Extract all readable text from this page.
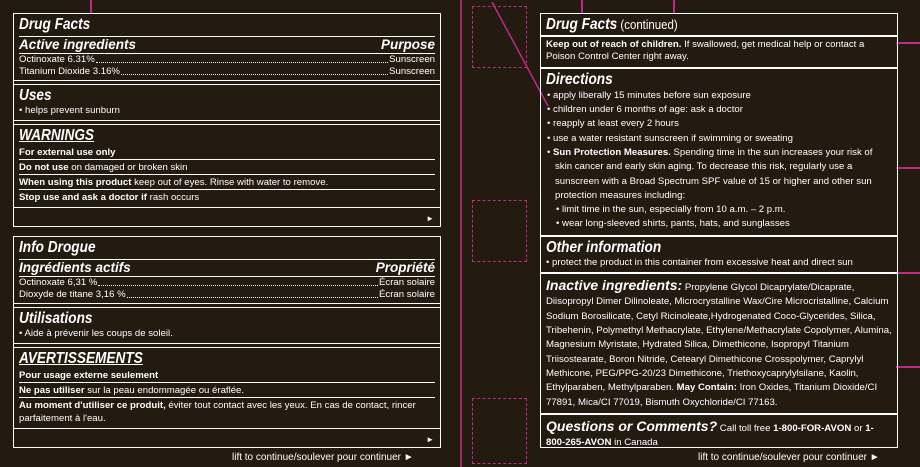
Drug Facts
Active ingredients	Purpose
Octinoxate 6.31%	Sunscreen
Titanium Dioxide 3.16%	Sunscreen
Uses
• helps prevent sunburn
WARNINGS
For external use only
Do not use on damaged or broken skin
When using this product keep out of eyes. Rinse with water to remove.
Stop use and ask a doctor if rash occurs
►
Info Drogue
Ingrédients actifs	Propriété
Octinoxate 6,31 %	Écran solaire
Dioxyde de titane 3,16 %	Écran solaire
Utilisations
• Aide à prévenir les coups de soleil.
AVERTISSEMENTS
Pour usage externe seulement
Ne pas utiliser sur la peau endommagée ou éraflée.
Au moment d'utiliser ce produit, éviter tout contact avec les yeux. En cas de contact, rincer parfaitement à l'eau.
►
lift to continue/soulever pour continuer ►
Drug Facts (continued)
Keep out of reach of children. If swallowed, get medical help or contact a Poison Control Center right away.
Directions
• apply liberally 15 minutes before sun exposure
• children under 6 months of age: ask a doctor
• reapply at least every 2 hours
• use a water resistant sunscreen if swimming or sweating
• Sun Protection Measures. Spending time in the sun increases your risk of skin cancer and early skin aging. To decrease this risk, regularly use a sunscreen with a Broad Spectrum SPF value of 15 or higher and other sun protection measures including:
• limit time in the sun, especially from 10 a.m. – 2 p.m.
• wear long-sleeved shirts, pants, hats, and sunglasses
Other information
• protect the product in this container from excessive heat and direct sun
Inactive ingredients: Propylene Glycol Dicaprylate/Dicaprate, Diisopropyl Dimer Dilinoleate, Microcrystalline Wax/Cire Microcristalline, Calcium Sodium Borosilicate, Cetyl Ricinoleate,Hydrogenated Coco-Glycerides, Silica, Tribehenin, Polymethyl Methacrylate, Ethylene/Methacrylate Copolymer, Alumina, Magnesium Myristate, Hydrated Silica, Dimethicone, Isopropyl Titanium Triisostearate, Boron Nitride, Cetearyl Dimethicone Crosspolymer, Caprylyl Methicone, PEG/PPG-20/23 Dimethicone, Triethoxycaprylylsilane, Kaolin, Ethylparaben, Methylparaben. May Contain: Iron Oxides, Titanium Dioxide/CI 77891, Mica/CI 77019, Bismuth Oxychloride/CI 77163.
Questions or Comments? Call toll free 1-800-FOR-AVON or 1-800-265-AVON in Canada
lift to continue/soulever pour continuer ►
